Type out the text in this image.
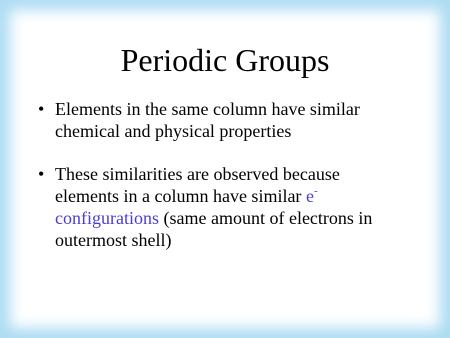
Periodic Groups
• Elements in the same column have similar
chemical and physical properties
• These similarities are observed because
elements in a column have similar e-
configurations (same amount of electrons in
outermost shell)
